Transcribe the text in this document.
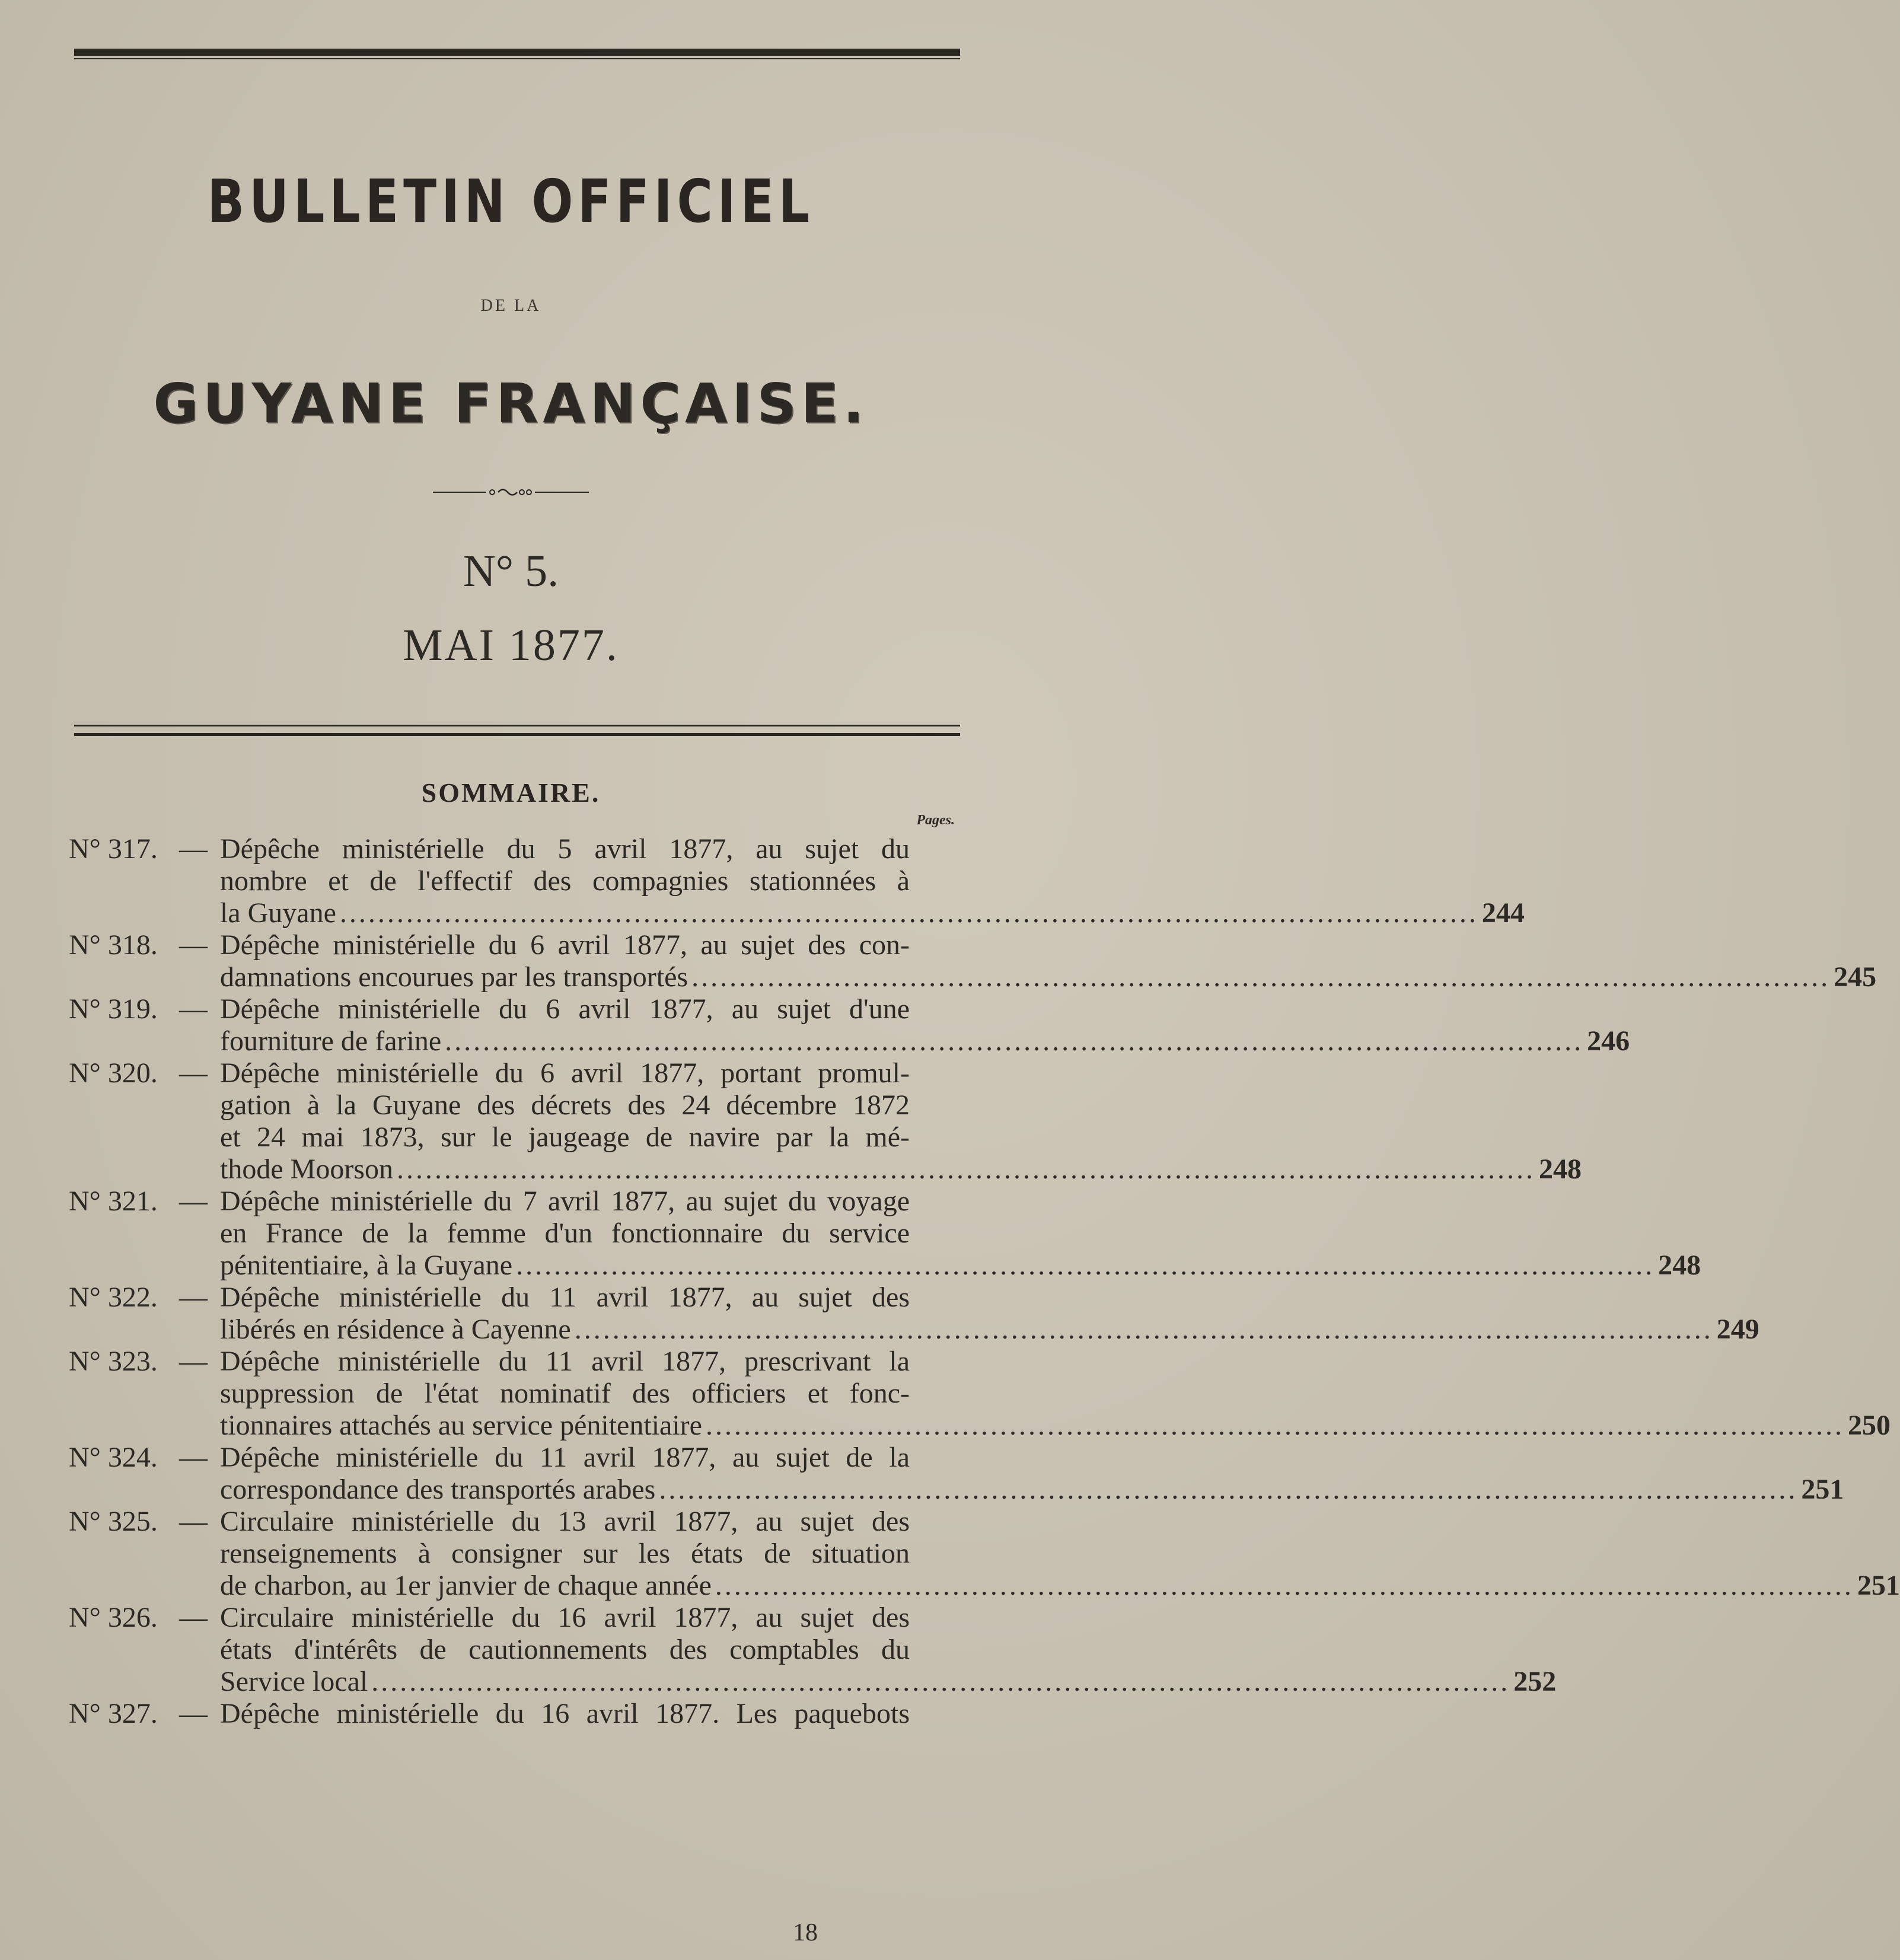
BULLETIN OFFICIEL
DE LA
GUYANE FRANÇAISE.
N° 5.
MAI 1877.
SOMMAIRE.
Pages.
N° 317. — Dépêche ministérielle du 5 avril 1877, au sujet du
nombre et de l'effectif des compagnies stationnées à
la Guyane ........................................................................................................................ 244
N° 318. — Dépêche ministérielle du 6 avril 1877, au sujet des con-
damnations encourues par les transportés ........................................................................................................................ 245
N° 319. — Dépêche ministérielle du 6 avril 1877, au sujet d'une
fourniture de farine ........................................................................................................................ 246
N° 320. — Dépêche ministérielle du 6 avril 1877, portant promul-
gation à la Guyane des décrets des 24 décembre 1872
et 24 mai 1873, sur le jaugeage de navire par la mé-
thode Moorson ........................................................................................................................ 248
N° 321. — Dépêche ministérielle du 7 avril 1877, au sujet du voyage
en France de la femme d'un fonctionnaire du service
pénitentiaire, à la Guyane ........................................................................................................................ 248
N° 322. — Dépêche ministérielle du 11 avril 1877, au sujet des
libérés en résidence à Cayenne ........................................................................................................................ 249
N° 323. — Dépêche ministérielle du 11 avril 1877, prescrivant la
suppression de l'état nominatif des officiers et fonc-
tionnaires attachés au service pénitentiaire ........................................................................................................................ 250
N° 324. — Dépêche ministérielle du 11 avril 1877, au sujet de la
correspondance des transportés arabes ........................................................................................................................ 251
N° 325. — Circulaire ministérielle du 13 avril 1877, au sujet des
renseignements à consigner sur les états de situation
de charbon, au 1er janvier de chaque année ........................................................................................................................ 251
N° 326. — Circulaire ministérielle du 16 avril 1877, au sujet des
états d'intérêts de cautionnements des comptables du
Service local ........................................................................................................................ 252
N° 327. — Dépêche ministérielle du 16 avril 1877. Les paquebots
18
